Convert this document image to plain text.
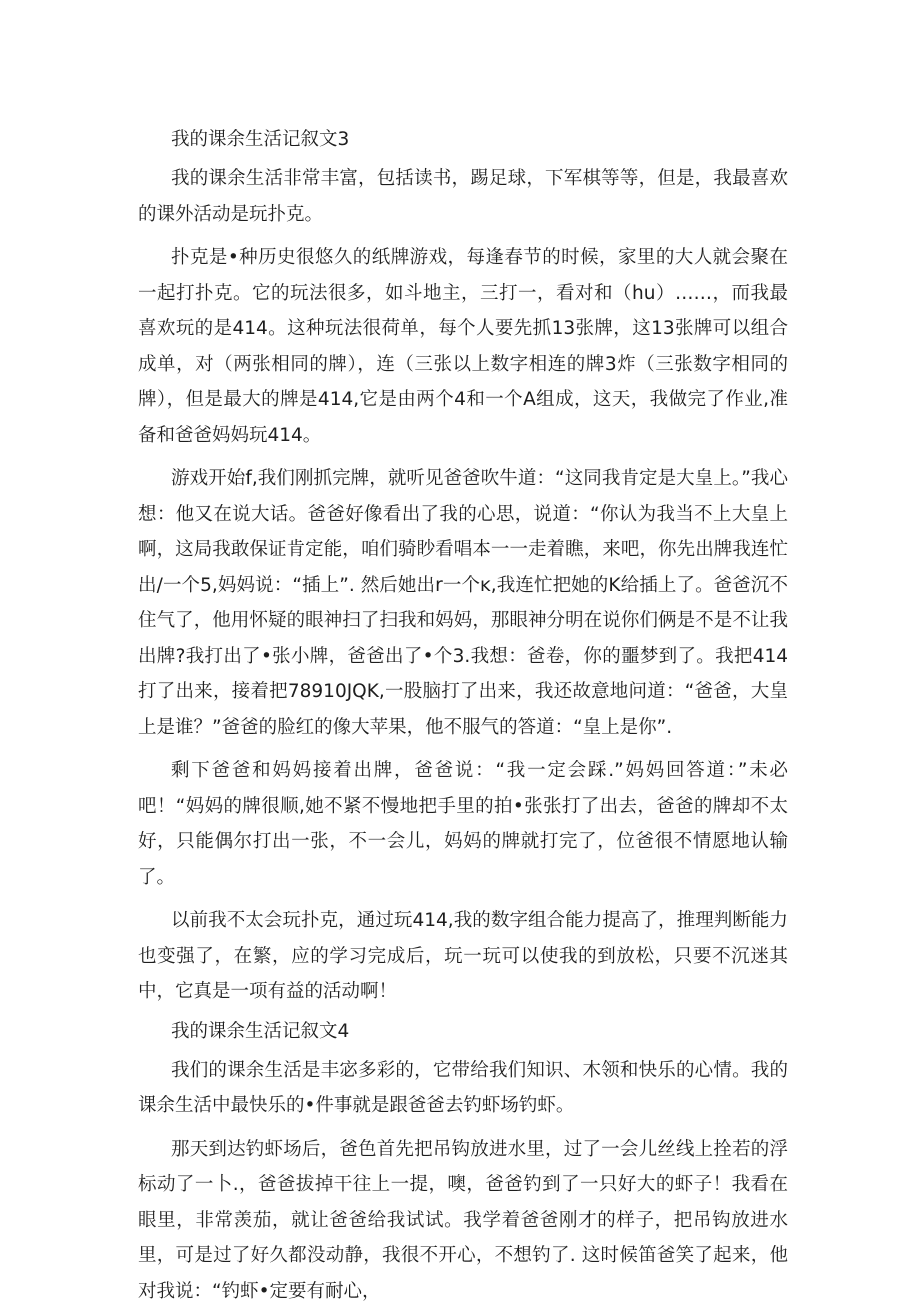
我的课余生活记叙文3

我的课余生活非常丰富，包括读书，踢足球，下军棋等等，但是，我最喜欢的课外活动是玩扑克。

扑克是•种历史很悠久的纸牌游戏，每逢春节的时候，家里的大人就会聚在一起打扑克。它的玩法很多，如斗地主，三打一，看对和（hu）……，而我最喜欢玩的是414。这种玩法很荷单，每个人要先抓13张牌，这13张牌可以组合成单，对（两张相同的牌），连（三张以上数字相连的牌3炸（三张数字相同的牌），但是最大的牌是414,它是由两个4和一个A组成，这天，我做完了作业,准备和爸爸妈妈玩414。

游戏开始f,我们刚抓完牌，就听见爸爸吹牛道：“这同我肯定是大皇上。”我心想：他又在说大话。爸爸好像看出了我的心思，说道：“你认为我当不上大皇上啊，这局我敢保证肯定能，咱们骑眇看唱本一一走着瞧，来吧，你先出牌我连忙出/一个5,妈妈说：“插上”. 然后她出r一个ĸ,我连忙把她的K给插上了。爸爸沉不住气了，他用怀疑的眼神扫了扫我和妈妈，那眼神分明在说你们俩是不是不让我出牌?我打出了•张小牌，爸爸出了•个3.我想：爸卷，你的噩梦到了。我把414打了出来，接着把78910JQK,一股脑打了出来，我还故意地问道：“爸爸，大皇上是谁？”爸爸的脸红的像大苹果，他不服气的答道：“皇上是你”.

剩下爸爸和妈妈接着出牌，爸爸说：“我一定会踩.”妈妈回答道：”未必吧！“妈妈的牌很顺,她不紧不慢地把手里的拍•张张打了出去，爸爸的牌却不太好，只能偶尔打出一张，不一会儿，妈妈的牌就打完了，位爸很不情愿地认输了。

以前我不太会玩扑克，通过玩414,我的数字组合能力提高了，推理判断能力也变强了，在繁，应的学习完成后，玩一玩可以使我的到放松，只要不沉迷其中，它真是一项有益的活动啊！

我的课余生活记叙文4

我们的课余生活是丰宓多彩的，它带给我们知识、木领和快乐的心情。我的课余生活中最快乐的•件事就是跟爸爸去钓虾场钓虾。

那天到达钓虾场后，爸色首先把吊钩放进水里，过了一会儿丝线上拴若的浮标动了一卜.，爸爸拔掉干往上一提，噢，爸爸钓到了一只好大的虾子！我看在眼里，非常羡茄，就让爸爸给我试试。我学着爸爸刚才的样子，把吊钩放进水里，可是过了好久都没动静，我很不开心，不想钓了. 这时候笛爸笑了起来，他对我说：“钓虾•定要有耐心，
